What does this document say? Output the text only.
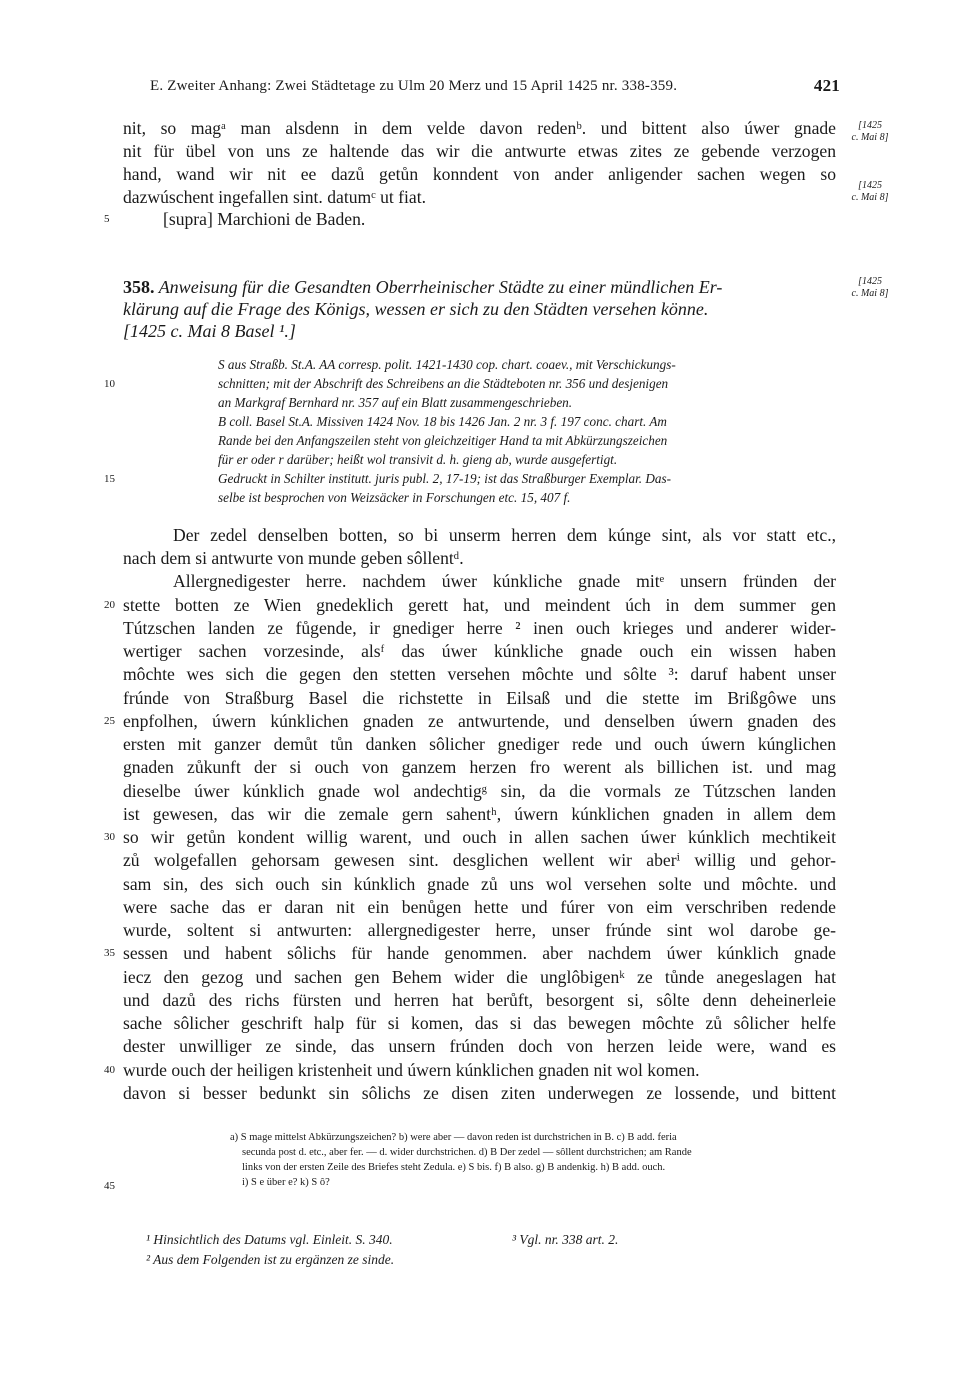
E. Zweiter Anhang: Zwei Städtetage zu Ulm 20 Merz und 15 April 1425 nr. 338-359.	421
nit, so magᵃ man alsdenn in dem velde davon redenᵇ. und bittent also úwer gnade
nit für übel von uns ze haltende das wir die antwurte etwas zites ze gebende verzogen
hand, wand wir nit ee dazů getůn konndent von ander anligender sachen wegen so
dazwúschent ingefallen sint. datumᶜ ut fiat.
[supra] Marchioni de Baden.
[1425
c. Mai 8]
[1425
c. Mai 8]
358. Anweisung für die Gesandten Oberrheinischer Städte zu einer mündlichen Er-
klärung auf die Frage des Königs, wessen er sich zu den Städten versehen könne.
[1425 c. Mai 8 Basel ¹.]
[1425
c. Mai 8]
S aus Straßb. St.A. AA corresp. polit. 1421-1430 cop. chart. coaev., mit Verschickungs-
schnitten; mit der Abschrift des Schreibens an die Städteboten nr. 356 und desjenigen
an Markgraf Bernhard nr. 357 auf ein Blatt zusammengeschrieben.
B coll. Basel St.A. Missiven 1424 Nov. 18 bis 1426 Jan. 2 nr. 3 f. 197 conc. chart. Am
Rande bei den Anfangszeilen steht von gleichzeitiger Hand ta mit Abkürzungszeichen
für er oder r darüber; heißt wol transivit d. h. gieng ab, wurde ausgefertigt.
Gedruckt in Schilter institutt. juris publ. 2, 17-19; ist das Straßburger Exemplar. Das-
selbe ist besprochen von Weizsäcker in Forschungen etc. 15, 407 f.
Der zedel denselben botten, so bi unserm herren dem kúnge sint, als vor statt etc.,
nach dem si antwurte von munde geben sôllentᵈ.
Allergnedigester herre. nachdem úwer kúnkliche gnade mitᵉ unsern fründen der
stette botten ze Wien gnedeklich gerett hat, und meindent úch in dem summer gen
Tútzschen landen ze fůgende, ir gnediger herre ² inen ouch krieges und anderer wider-
wertiger sachen vorzesinde, alsᶠ das úwer kúnkliche gnade ouch ein wissen haben
môchte wes sich die gegen den stetten versehen môchte und sôlte ³: daruf habent unser
frúnde von Straßburg Basel die richstette in Eilsaß und die stette im Brißgôwe uns
enpfolhen, úwern kúnklichen gnaden ze antwurtende, und denselben úwern gnaden des
ersten mit ganzer demůt tůn danken sôlicher gnediger rede und ouch úwern kúnglichen
gnaden zůkunft der si ouch von ganzem herzen fro werent als billichen ist. und mag
dieselbe úwer kúnklich gnade wol andechtigᵍ sin, da die vormals ze Tútzschen landen
ist gewesen, das wir die zemale gern sahentʰ, úwern kúnklichen gnaden in allem dem
so wir getůn kondent willig warent, und ouch in allen sachen úwer kúnklich mechtikeit
zů wolgefallen gehorsam gewesen sint. desglichen wellent wir aberⁱ willig und gehor-
sam sin, des sich ouch sin kúnklich gnade zů uns wol versehen solte und môchte. und
were sache das er daran nit ein benůgen hette und fúrer von eim verschriben redende
wurde, soltent si antwurten: allergnedigester herre, unser frúnde sint wol darobe ge-
sessen und habent sôlichs für hande genommen. aber nachdem úwer kúnklich gnade
iecz den gezog und sachen gen Behem wider die unglôbigenᵏ ze tůnde anegeslagen hat
und dazů des richs fürsten und herren hat berůft, besorgent si, sôlte denn deheinerleie
sache sôlicher geschrift halp für si komen, das si das bewegen môchte zů sôlicher helfe
dester unwilliger ze sinde, das unsern frúnden doch von herzen leide were, wand es
wurde ouch der heiligen kristenheit und úwern kúnklichen gnaden nit wol komen.
davon si besser bedunkt sin sôlichs ze disen ziten underwegen ze lossende, und bittent
5
10
15
20
25
30
35
40
45
a) S mage mittelst Abkürzungszeichen? b) were aber — davon reden ist durchstrichen in B. c) B add. feria
secunda post d. etc., aber fer. — d. wider durchstrichen. d) B Der zedel — sôllent durchstrichen; am Rande
links von der ersten Zeile des Briefes steht Zedula. e) S bis. f) B also. g) B andenkig. h) B add. ouch.
i) S e über e? k) S ô?
¹ Hinsichtlich des Datums vgl. Einleit. S. 340.
² Aus dem Folgenden ist zu ergänzen ze sinde.
³ Vgl. nr. 338 art. 2.
